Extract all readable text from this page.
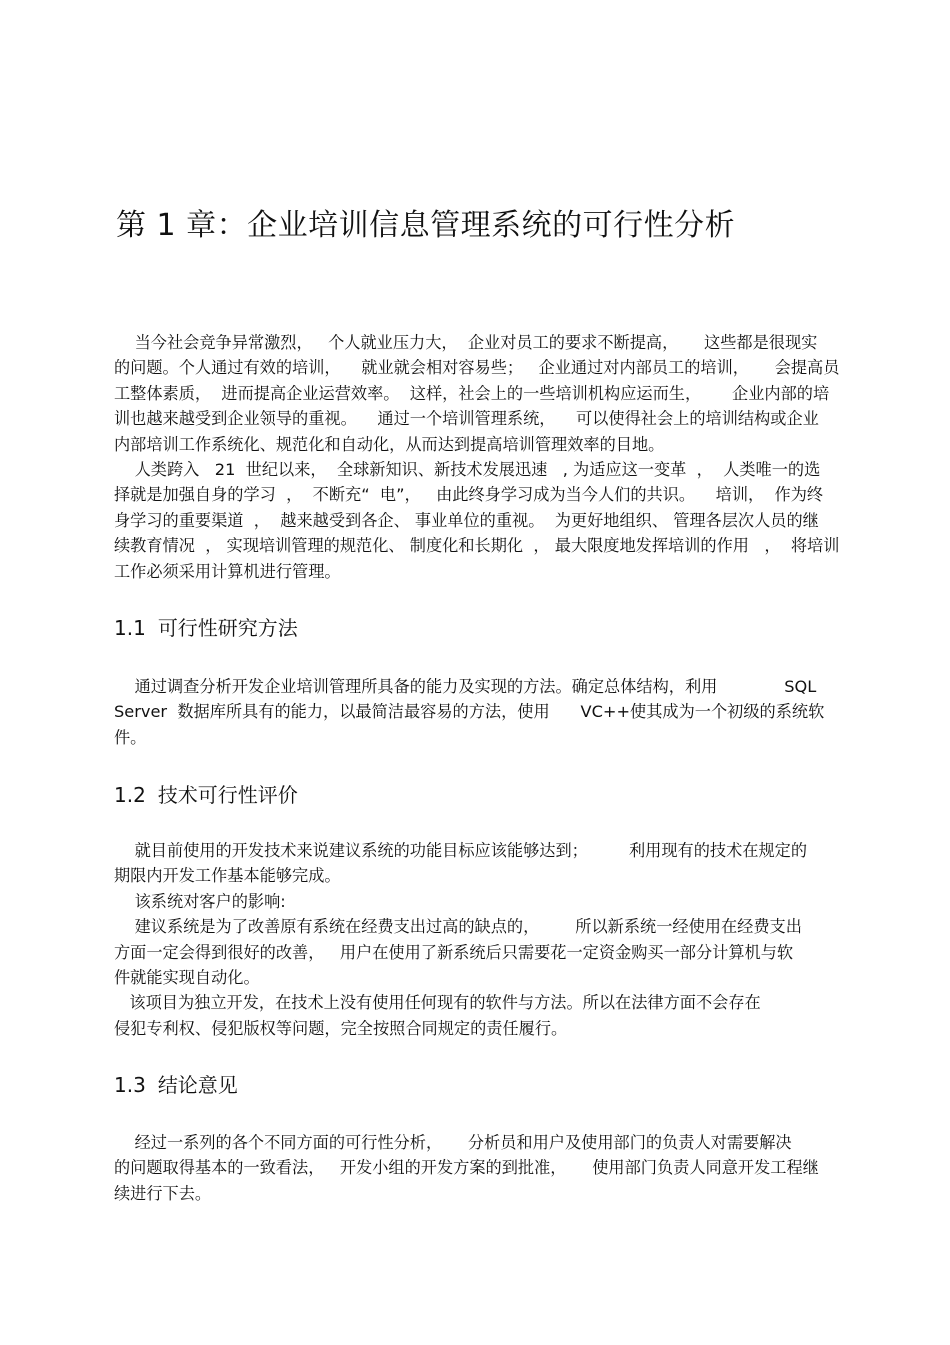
第 1 章：企业培训信息管理系统的可行性分析
当今社会竞争异常激烈，   个人就业压力大，  企业对员工的要求不断提高，     这些都是很现实
的问题。个人通过有效的培训，    就业就会相对容易些；   企业通过对内部员工的培训，     会提高员
工整体素质，  进而提高企业运营效率。  这样，社会上的一些培训机构应运而生，      企业内部的培
训也越来越受到企业领导的重视。    通过一个培训管理系统，    可以使得社会上的培训结构或企业
内部培训工作系统化、规范化和自动化，从而达到提高培训管理效率的目地。
人类跨入   21  世纪以来，  全球新知识、新技术发展迅速   , 为适应这一变革  ，  人类唯一的选
择就是加强自身的学习  ，  不断充“  电”，   由此终身学习成为当今人们的共识。    培训，  作为终
身学习的重要渠道  ，  越来越受到各企、 事业单位的重视。  为更好地组织、 管理各层次人员的继
续教育情况  ， 实现培训管理的规范化、 制度化和长期化  ， 最大限度地发挥培训的作用   ，  将培训
工作必须采用计算机进行管理。
1.1 可行性研究方法
通过调查分析开发企业培训管理所具备的能力及实现的方法。确定总体结构，利用             SQL
Server  数据库所具有的能力，以最简洁最容易的方法，使用      VC++使其成为一个初级的系统软
件。
1.2 技术可行性评价
就目前使用的开发技术来说建议系统的功能目标应该能够达到；        利用现有的技术在规定的
期限内开发工作基本能够完成。
该系统对客户的影响:
建议系统是为了改善原有系统在经费支出过高的缺点的，       所以新系统一经使用在经费支出
方面一定会得到很好的改善，   用户在使用了新系统后只需要花一定资金购买一部分计算机与软
件就能实现自动化。
该项目为独立开发，在技术上没有使用任何现有的软件与方法。所以在法律方面不会存在
侵犯专利权、侵犯版权等问题，完全按照合同规定的责任履行。
1.3 结论意见
经过一系列的各个不同方面的可行性分析，     分析员和用户及使用部门的负责人对需要解决
的问题取得基本的一致看法，   开发小组的开发方案的到批准，     使用部门负责人同意开发工程继
续进行下去。
